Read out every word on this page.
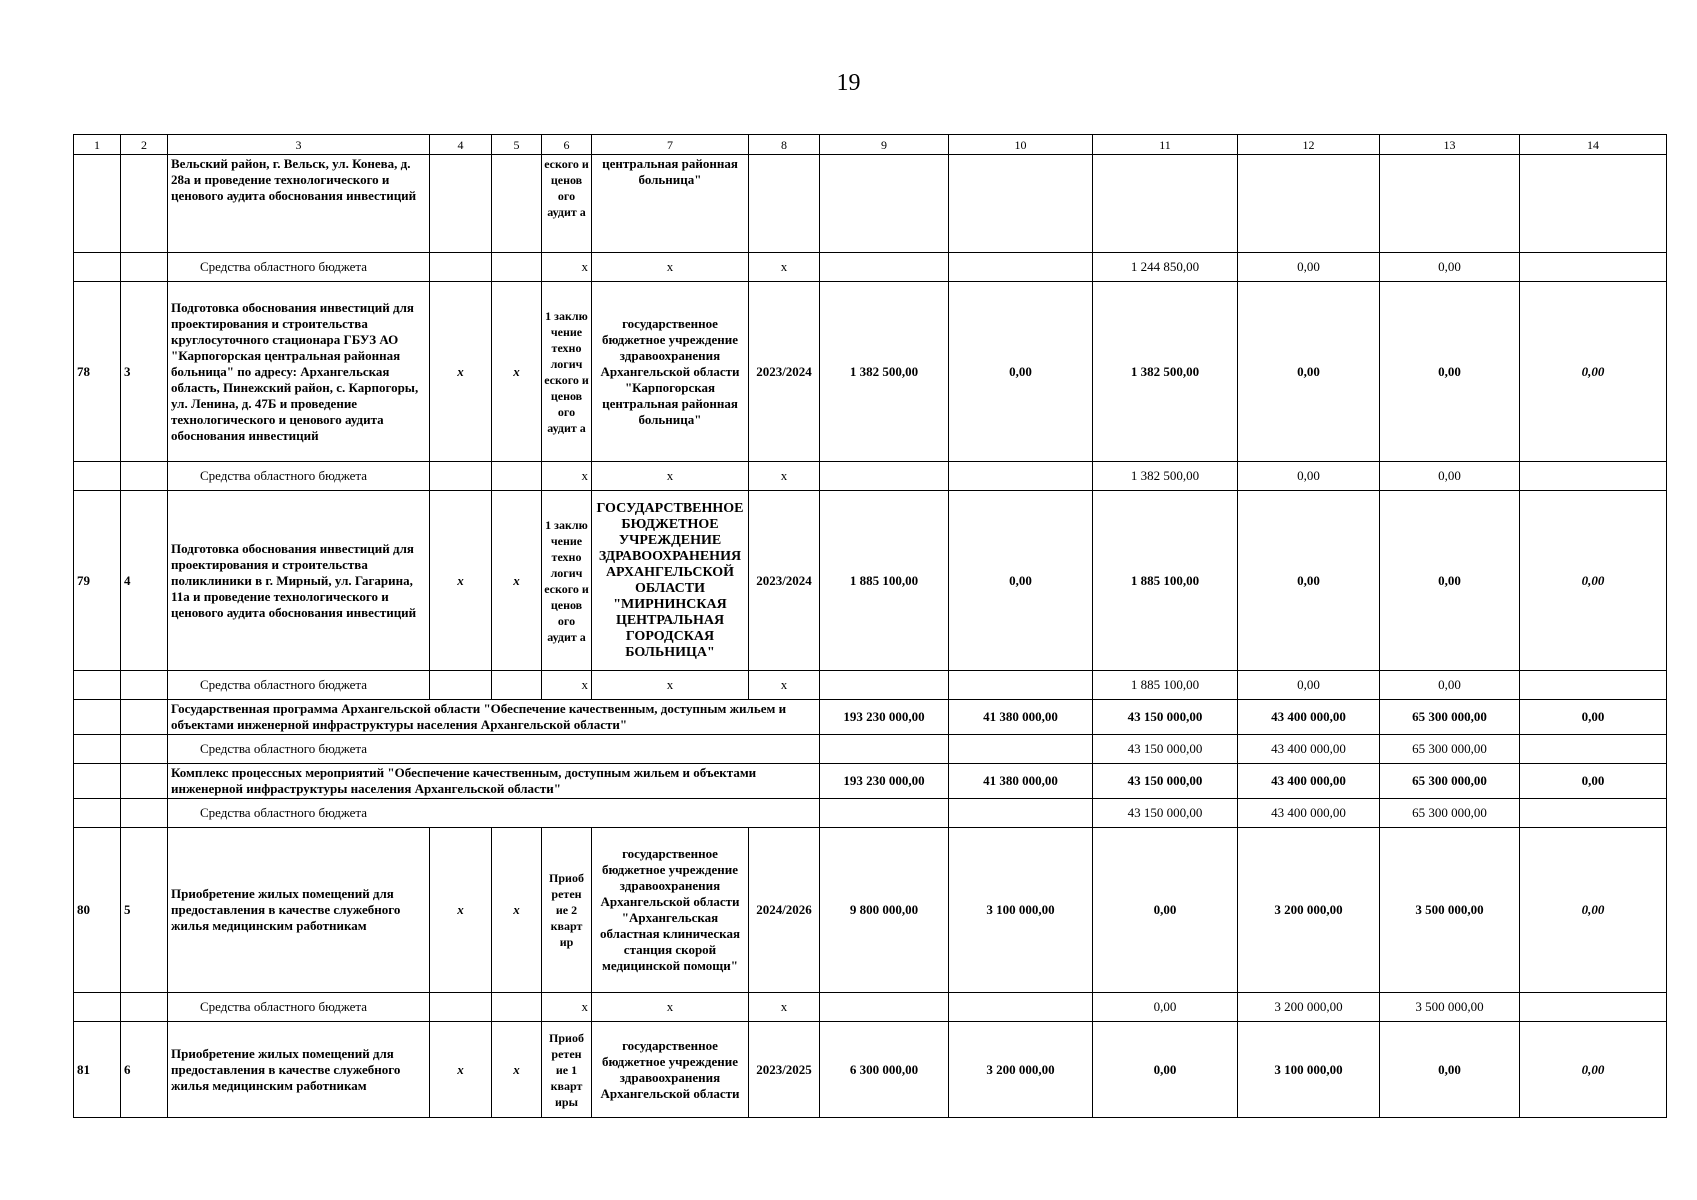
19
1	2	3	4	5	6	7	8	9	10	11	12	13	14
		Вельский район, г. Вельск, ул. Конева, д. 28а и проведение технологического и ценового аудита обоснования инвестиций			еского и ценов ого аудит а	центральная районная больница"							
		Средства областного бюджета			x	x	x			1 244 850,00	0,00	0,00	
78	3	Подготовка обоснования инвестиций для проектирования и строительства круглосуточного стационара ГБУЗ АО "Карпогорская центральная районная больница" по адресу: Архангельская область, Пинежский район, с. Карпогоры, ул. Ленина, д. 47Б и проведение технологического и ценового аудита обоснования инвестиций	x	x	1 заклю чение техно логич еского и ценов ого аудит а	государственное бюджетное учреждение здравоохранения Архангельской области "Карпогорская центральная районная больница"	2023/2024	1 382 500,00	0,00	1 382 500,00	0,00	0,00	0,00
		Средства областного бюджета			x	x	x			1 382 500,00	0,00	0,00	
79	4	Подготовка обоснования инвестиций для проектирования и строительства поликлиники в г. Мирный, ул. Гагарина, 11а и проведение технологического и ценового аудита обоснования инвестиций	x	x	1 заклю чение техно логич еского и ценов ого аудит а	ГОСУДАРСТВЕННОЕ БЮДЖЕТНОЕ УЧРЕЖДЕНИЕ ЗДРАВООХРАНЕНИЯ АРХАНГЕЛЬСКОЙ ОБЛАСТИ "МИРНИНСКАЯ ЦЕНТРАЛЬНАЯ ГОРОДСКАЯ БОЛЬНИЦА"	2023/2024	1 885 100,00	0,00	1 885 100,00	0,00	0,00	0,00
		Средства областного бюджета			x	x	x			1 885 100,00	0,00	0,00	
		Государственная программа Архангельской области "Обеспечение качественным, доступным жильем и объектами инженерной инфраструктуры населения Архангельской области"						193 230 000,00	41 380 000,00	43 150 000,00	43 400 000,00	65 300 000,00	0,00
		Средства областного бюджета								43 150 000,00	43 400 000,00	65 300 000,00	
		Комплекс процессных мероприятий "Обеспечение качественным, доступным жильем и объектами инженерной инфраструктуры населения Архангельской области"						193 230 000,00	41 380 000,00	43 150 000,00	43 400 000,00	65 300 000,00	0,00
		Средства областного бюджета								43 150 000,00	43 400 000,00	65 300 000,00	
80	5	Приобретение жилых помещений для предоставления в качестве служебного жилья медицинским работникам	x	x	Приоб ретен ие 2 кварт ир	государственное бюджетное учреждение здравоохранения Архангельской области "Архангельская областная клиническая станция скорой медицинской помощи"	2024/2026	9 800 000,00	3 100 000,00	0,00	3 200 000,00	3 500 000,00	0,00
		Средства областного бюджета			x	x	x			0,00	3 200 000,00	3 500 000,00	
81	6	Приобретение жилых помещений для предоставления в качестве служебного жилья медицинским работникам	x	x	Приоб ретен ие 1 кварт иры	государственное бюджетное учреждение здравоохранения Архангельской области	2023/2025	6 300 000,00	3 200 000,00	0,00	3 100 000,00	0,00	0,00
